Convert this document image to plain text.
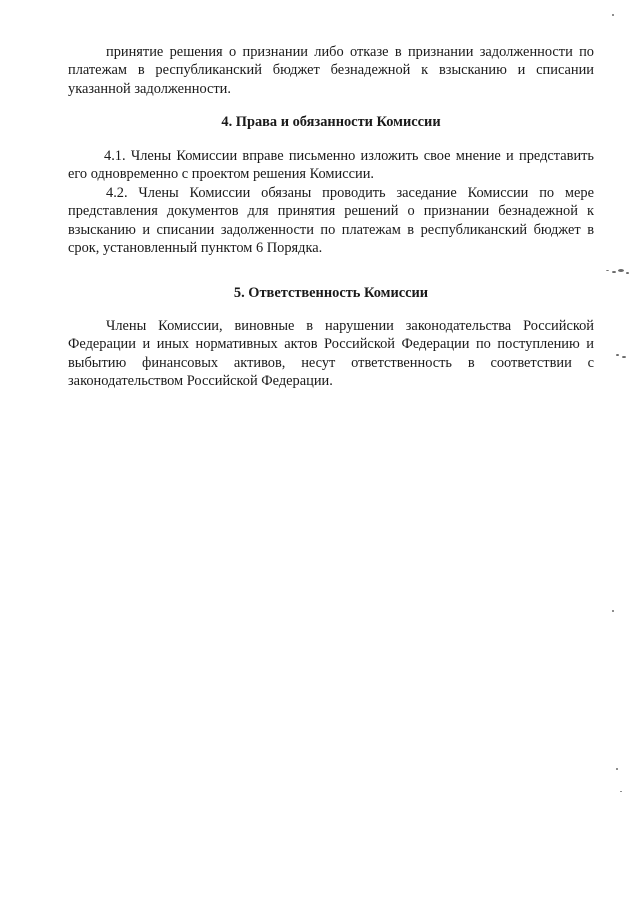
принятие решения о признании либо отказе в признании задолженности по платежам в республиканский бюджет безнадежной к взысканию и списании указанной задолженности.

4. Права и обязанности Комиссии

4.1. Члены Комиссии вправе письменно изложить свое мнение и представить его одновременно с проектом решения Комиссии.

4.2. Члены Комиссии обязаны проводить заседание Комиссии по мере представления документов для принятия решений о признании безнадежной к взысканию и списании задолженности по платежам в республиканский бюджет в срок, установленный пунктом 6 Порядка.

5. Ответственность Комиссии

Члены Комиссии, виновные в нарушении законодательства Российской Федерации и иных нормативных актов Российской Федерации по поступлению и выбытию финансовых активов, несут ответственность в соответствии с законодательством Российской Федерации.
